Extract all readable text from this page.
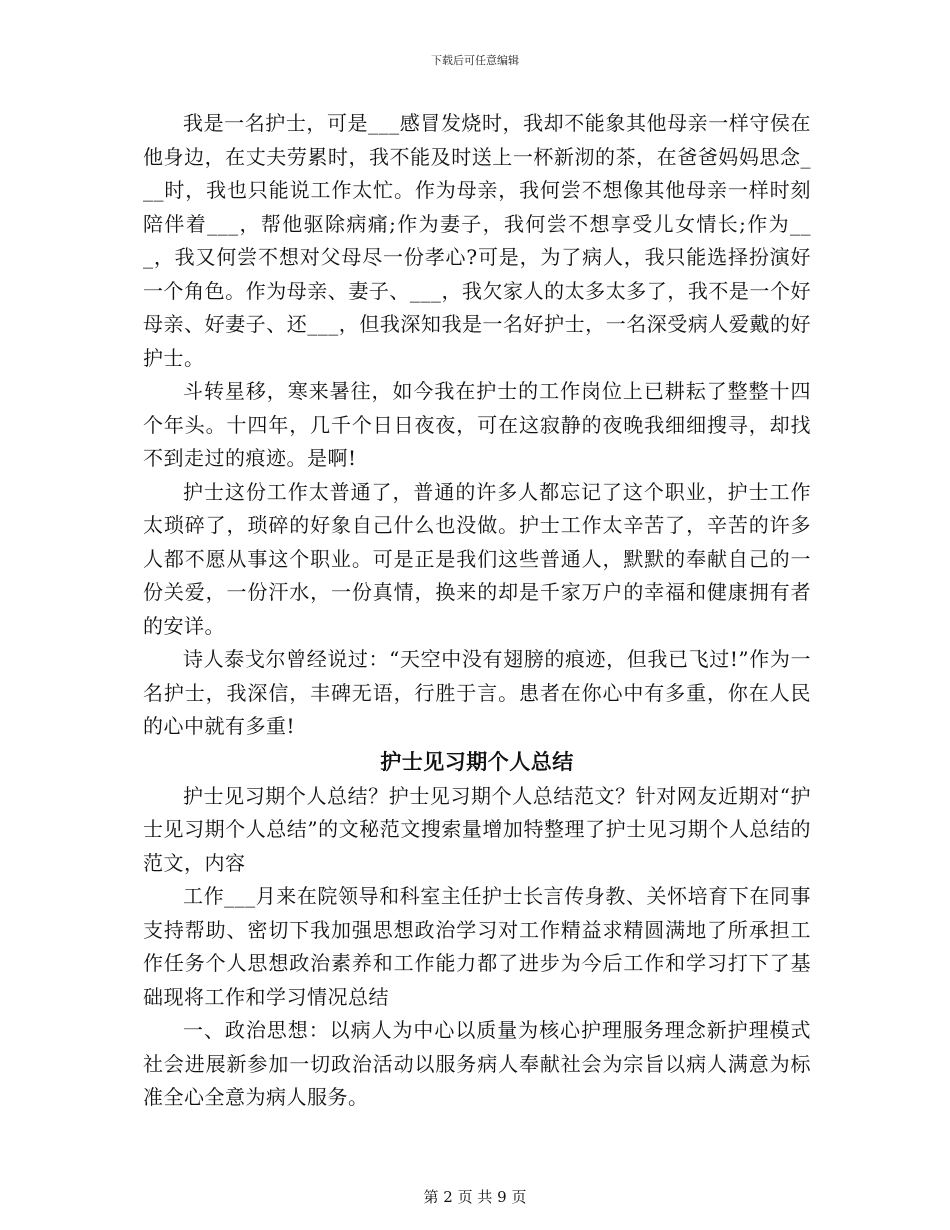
下载后可任意编辑

我是一名护士，可是___感冒发烧时，我却不能象其他母亲一样守侯在他身边，在丈夫劳累时，我不能及时送上一杯新沏的茶，在爸爸妈妈思念___时，我也只能说工作太忙。作为母亲，我何尝不想像其他母亲一样时刻陪伴着___，帮他驱除病痛;作为妻子，我何尝不想享受儿女情长;作为___，我又何尝不想对父母尽一份孝心?可是，为了病人，我只能选择扮演好一个角色。作为母亲、妻子、___，我欠家人的太多太多了，我不是一个好母亲、好妻子、还___，但我深知我是一名好护士，一名深受病人爱戴的好护士。

斗转星移，寒来暑往，如今我在护士的工作岗位上已耕耘了整整十四个年头。十四年，几千个日日夜夜，可在这寂静的夜晚我细细搜寻，却找不到走过的痕迹。是啊!

护士这份工作太普通了，普通的许多人都忘记了这个职业，护士工作太琐碎了，琐碎的好象自己什么也没做。护士工作太辛苦了，辛苦的许多人都不愿从事这个职业。可是正是我们这些普通人，默默的奉献自己的一份关爱，一份汗水，一份真情，换来的却是千家万户的幸福和健康拥有者的安详。

诗人泰戈尔曾经说过：“天空中没有翅膀的痕迹，但我已飞过!”作为一名护士，我深信，丰碑无语，行胜于言。患者在你心中有多重，你在人民的心中就有多重!

护士见习期个人总结

护士见习期个人总结？护士见习期个人总结范文？针对网友近期对“护士见习期个人总结”的文秘范文搜索量增加特整理了护士见习期个人总结的范文，内容

工作___月来在院领导和科室主任护士长言传身教、关怀培育下在同事支持帮助、密切下我加强思想政治学习对工作精益求精圆满地了所承担工作任务个人思想政治素养和工作能力都了进步为今后工作和学习打下了基础现将工作和学习情况总结

一、政治思想：以病人为中心以质量为核心护理服务理念新护理模式社会进展新参加一切政治活动以服务病人奉献社会为宗旨以病人满意为标准全心全意为病人服务。

第 2 页 共 9 页
